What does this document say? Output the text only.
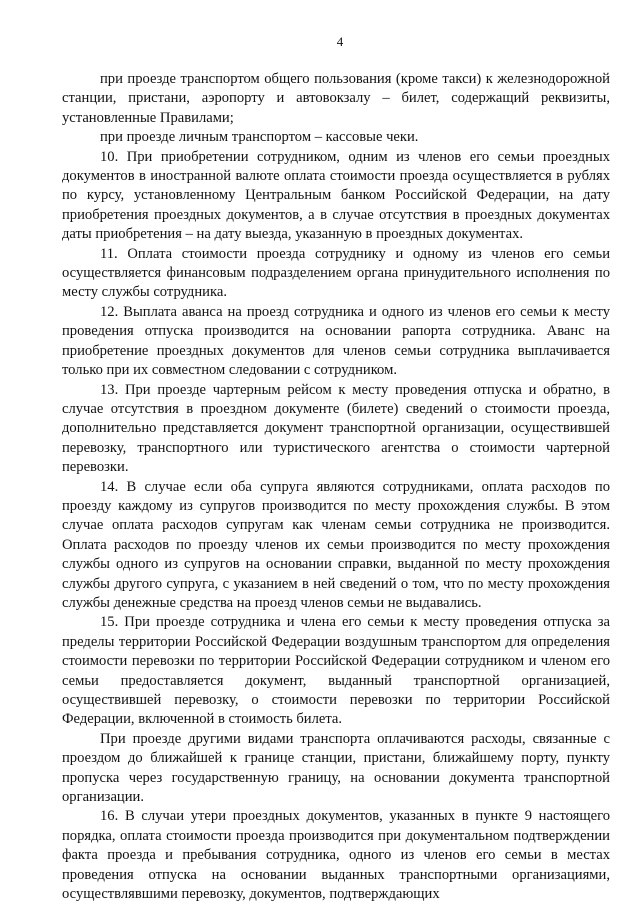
4

при проезде транспортом общего пользования (кроме такси) к железнодорожной станции, пристани, аэропорту и автовокзалу – билет, содержащий реквизиты, установленные Правилами;

при проезде личным транспортом – кассовые чеки.

10. При приобретении сотрудником, одним из членов его семьи проездных документов в иностранной валюте оплата стоимости проезда осуществляется в рублях по курсу, установленному Центральным банком Российской Федерации, на дату приобретения проездных документов, а в случае отсутствия в проездных документах даты приобретения – на дату выезда, указанную в проездных документах.

11. Оплата стоимости проезда сотруднику и одному из членов его семьи осуществляется финансовым подразделением органа принудительного исполнения по месту службы сотрудника.

12. Выплата аванса на проезд сотрудника и одного из членов его семьи к месту проведения отпуска производится на основании рапорта сотрудника. Аванс на приобретение проездных документов для членов семьи сотрудника выплачивается только при их совместном следовании с сотрудником.

13. При проезде чартерным рейсом к месту проведения отпуска и обратно, в случае отсутствия в проездном документе (билете) сведений о стоимости проезда, дополнительно представляется документ транспортной организации, осуществившей перевозку, транспортного или туристического агентства о стоимости чартерной перевозки.

14. В случае если оба супруга являются сотрудниками, оплата расходов по проезду каждому из супругов производится по месту прохождения службы. В этом случае оплата расходов супругам как членам семьи сотрудника не производится. Оплата расходов по проезду членов их семьи производится по месту прохождения службы одного из супругов на основании справки, выданной по месту прохождения службы другого супруга, с указанием в ней сведений о том, что по месту прохождения службы денежные средства на проезд членов семьи не выдавались.

15. При проезде сотрудника и члена его семьи к месту проведения отпуска за пределы территории Российской Федерации воздушным транспортом для определения стоимости перевозки по территории Российской Федерации сотрудником и членом его семьи предоставляется документ, выданный транспортной организацией, осуществившей перевозку, о стоимости перевозки по территории Российской Федерации, включенной в стоимость билета.

При проезде другими видами транспорта оплачиваются расходы, связанные с проездом до ближайшей к границе станции, пристани, ближайшему порту, пункту пропуска через государственную границу, на основании документа транспортной организации.

16. В случаи утери проездных документов, указанных в пункте 9 настоящего порядка, оплата стоимости проезда производится при документальном подтверждении факта проезда и пребывания сотрудника, одного из членов его семьи в местах проведения отпуска на основании выданных транспортными организациями, осуществлявшими перевозку, документов, подтверждающих
